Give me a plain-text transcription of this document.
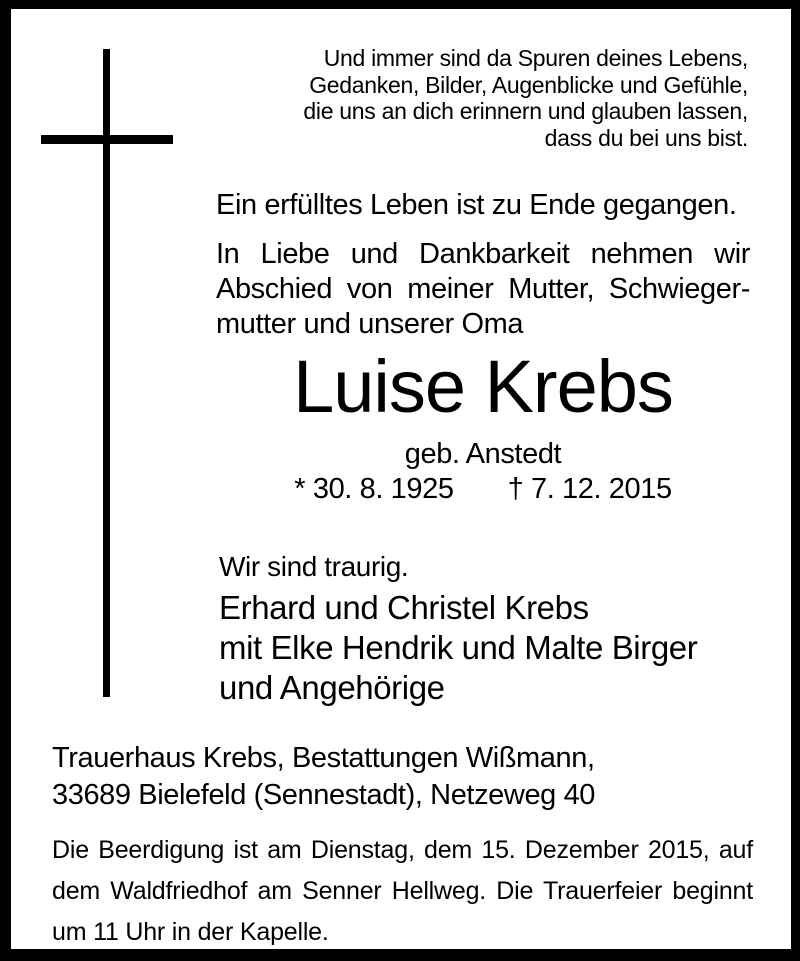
Und immer sind da Spuren deines Lebens,
Gedanken, Bilder, Augenblicke und Gefühle,
die uns an dich erinnern und glauben lassen,
dass du bei uns bist.
Ein erfülltes Leben ist zu Ende gegangen.
In Liebe und Dankbarkeit nehmen wir
Abschied von meiner Mutter, Schwieger-
mutter und unserer Oma
Luise Krebs
geb. Anstedt
* 30. 8. 1925 † 7. 12. 2015
Wir sind traurig.
Erhard und Christel Krebs
mit Elke Hendrik und Malte Birger
und Angehörige
Trauerhaus Krebs, Bestattungen Wißmann,
33689 Bielefeld (Sennestadt), Netzeweg 40
Die Beerdigung ist am Dienstag, dem 15. Dezember 2015, auf
dem Waldfriedhof am Senner Hellweg. Die Trauerfeier beginnt
um 11 Uhr in der Kapelle.
